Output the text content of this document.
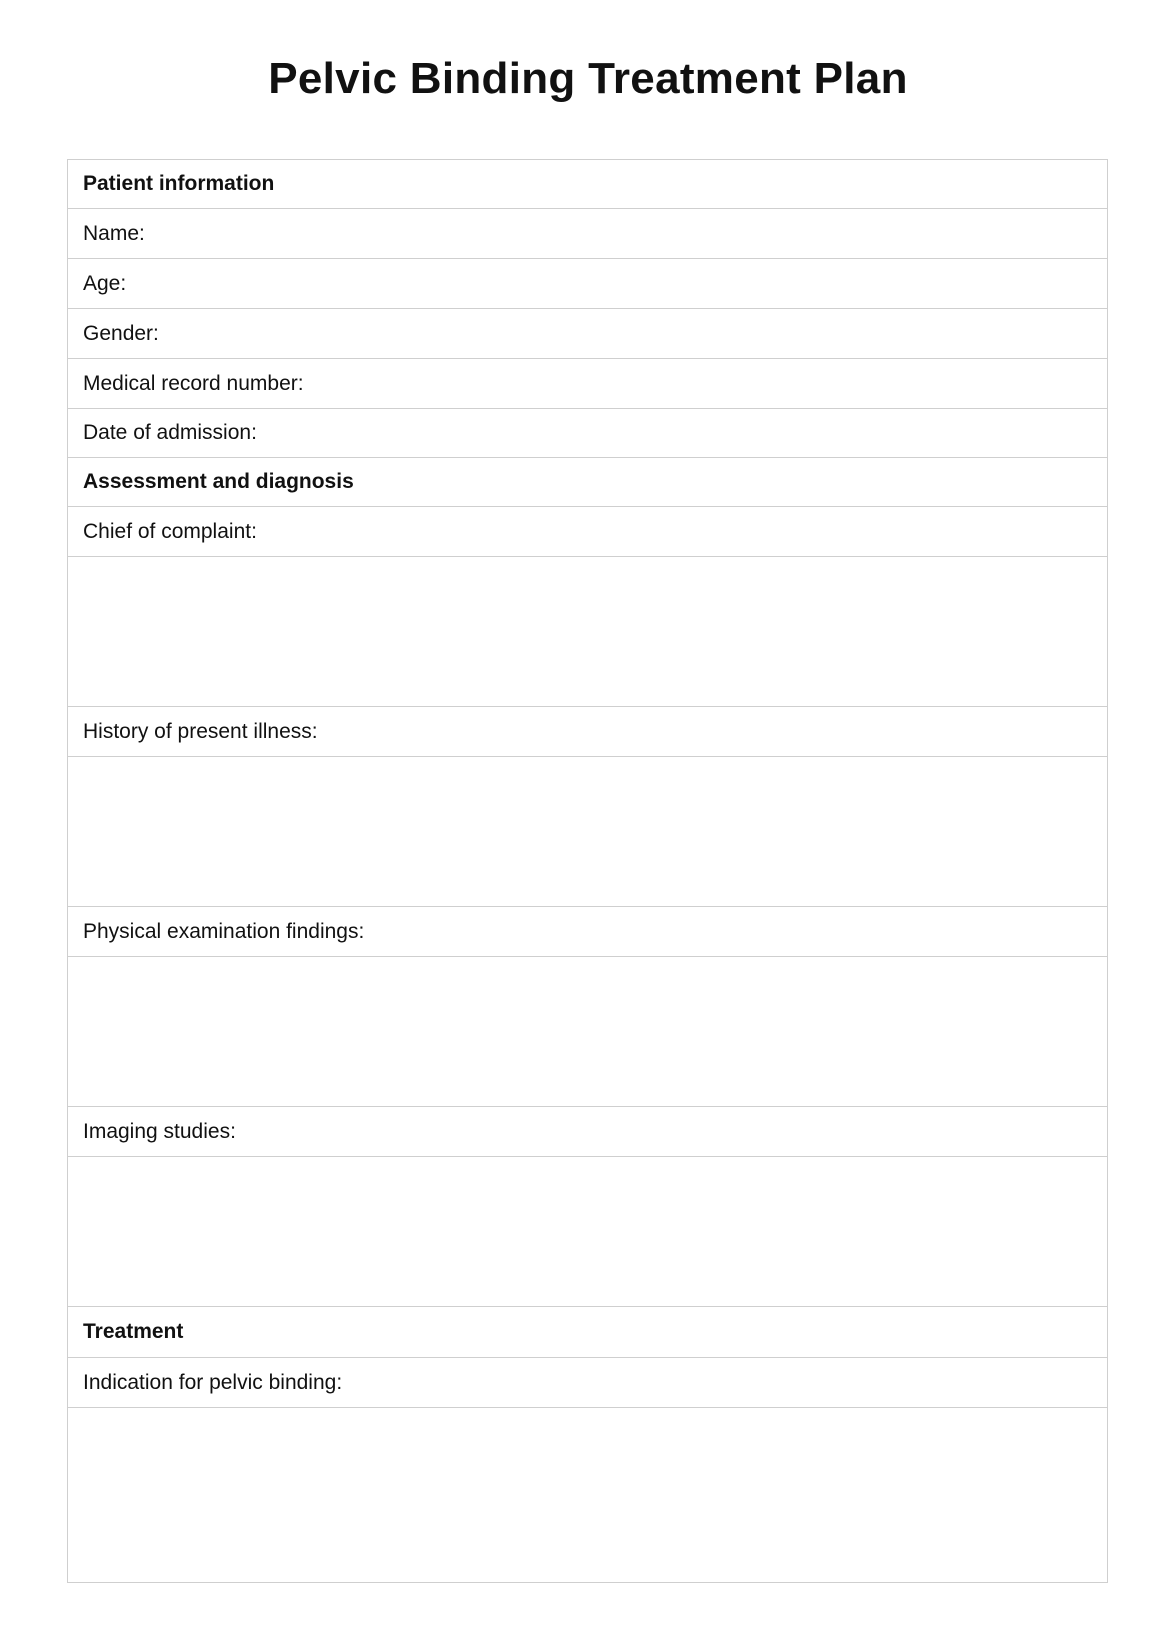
Pelvic Binding Treatment Plan
Patient information
Name:
Age:
Gender:
Medical record number:
Date of admission:
Assessment and diagnosis
Chief of complaint:
History of present illness:
Physical examination findings:
Imaging studies:
Treatment
Indication for pelvic binding:
